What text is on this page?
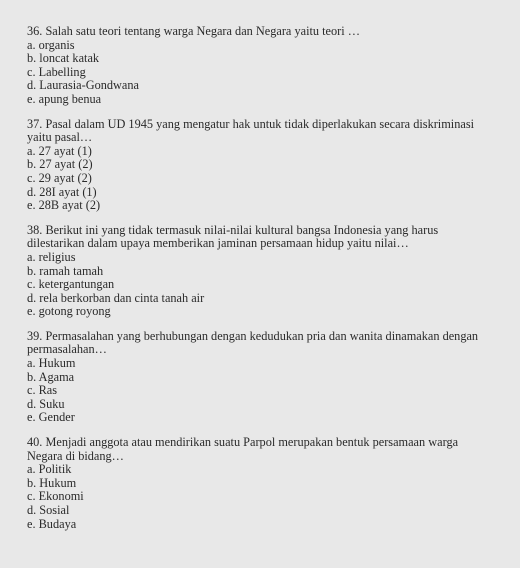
36. Salah satu teori tentang warga Negara dan Negara yaitu teori …

a. organis
b. loncat katak
c. Labelling
d. Laurasia-Gondwana
e. apung benua

37. Pasal dalam UD 1945 yang mengatur hak untuk tidak diperlakukan secara diskriminasi
yaitu pasal…

a. 27 ayat (1)
b. 27 ayat (2)
c. 29 ayat (2)
d. 28I ayat (1)
e. 28B ayat (2)

38. Berikut ini yang tidak termasuk nilai-nilai kultural bangsa Indonesia yang harus
dilestarikan dalam upaya memberikan jaminan persamaan hidup yaitu nilai…

a. religius
b. ramah tamah
c. ketergantungan
d. rela berkorban dan cinta tanah air
e. gotong royong

39. Permasalahan yang berhubungan dengan kedudukan pria dan wanita dinamakan dengan
permasalahan…

a. Hukum
b. Agama
c. Ras
d. Suku
e. Gender

40. Menjadi anggota atau mendirikan suatu Parpol merupakan bentuk persamaan warga
Negara di bidang…

a. Politik
b. Hukum
c. Ekonomi
d. Sosial
e. Budaya
